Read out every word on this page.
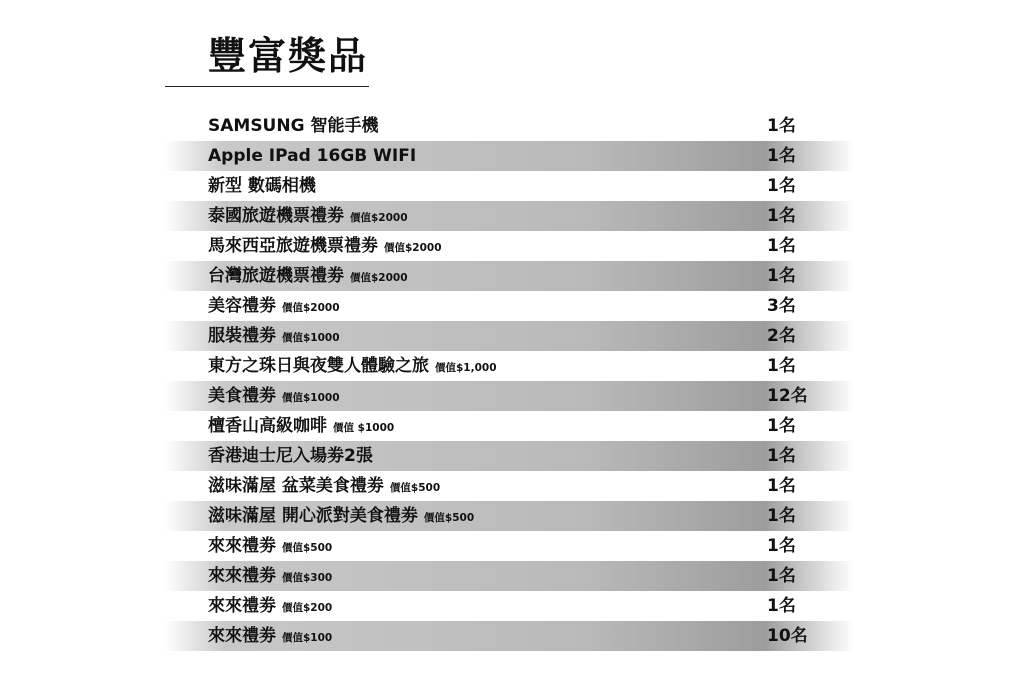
豐富獎品
SAMSUNG 智能手機	1名
Apple IPad 16GB WIFI	1名
新型 數碼相機	1名
泰國旅遊機票禮劵 價值$2000	1名
馬來西亞旅遊機票禮劵 價值$2000	1名
台灣旅遊機票禮劵 價值$2000	1名
美容禮劵 價值$2000	3名
服裝禮劵 價值$1000	2名
東方之珠日與夜雙人體驗之旅 價值$1,000	1名
美食禮劵 價值$1000	12名
檀香山高級咖啡 價值 $1000	1名
香港迪士尼入場劵2張	1名
滋味滿屋 盆菜美食禮劵 價值$500	1名
滋味滿屋 開心派對美食禮劵 價值$500	1名
來來禮劵 價值$500	1名
來來禮劵 價值$300	1名
來來禮劵 價值$200	1名
來來禮劵 價值$100	10名
